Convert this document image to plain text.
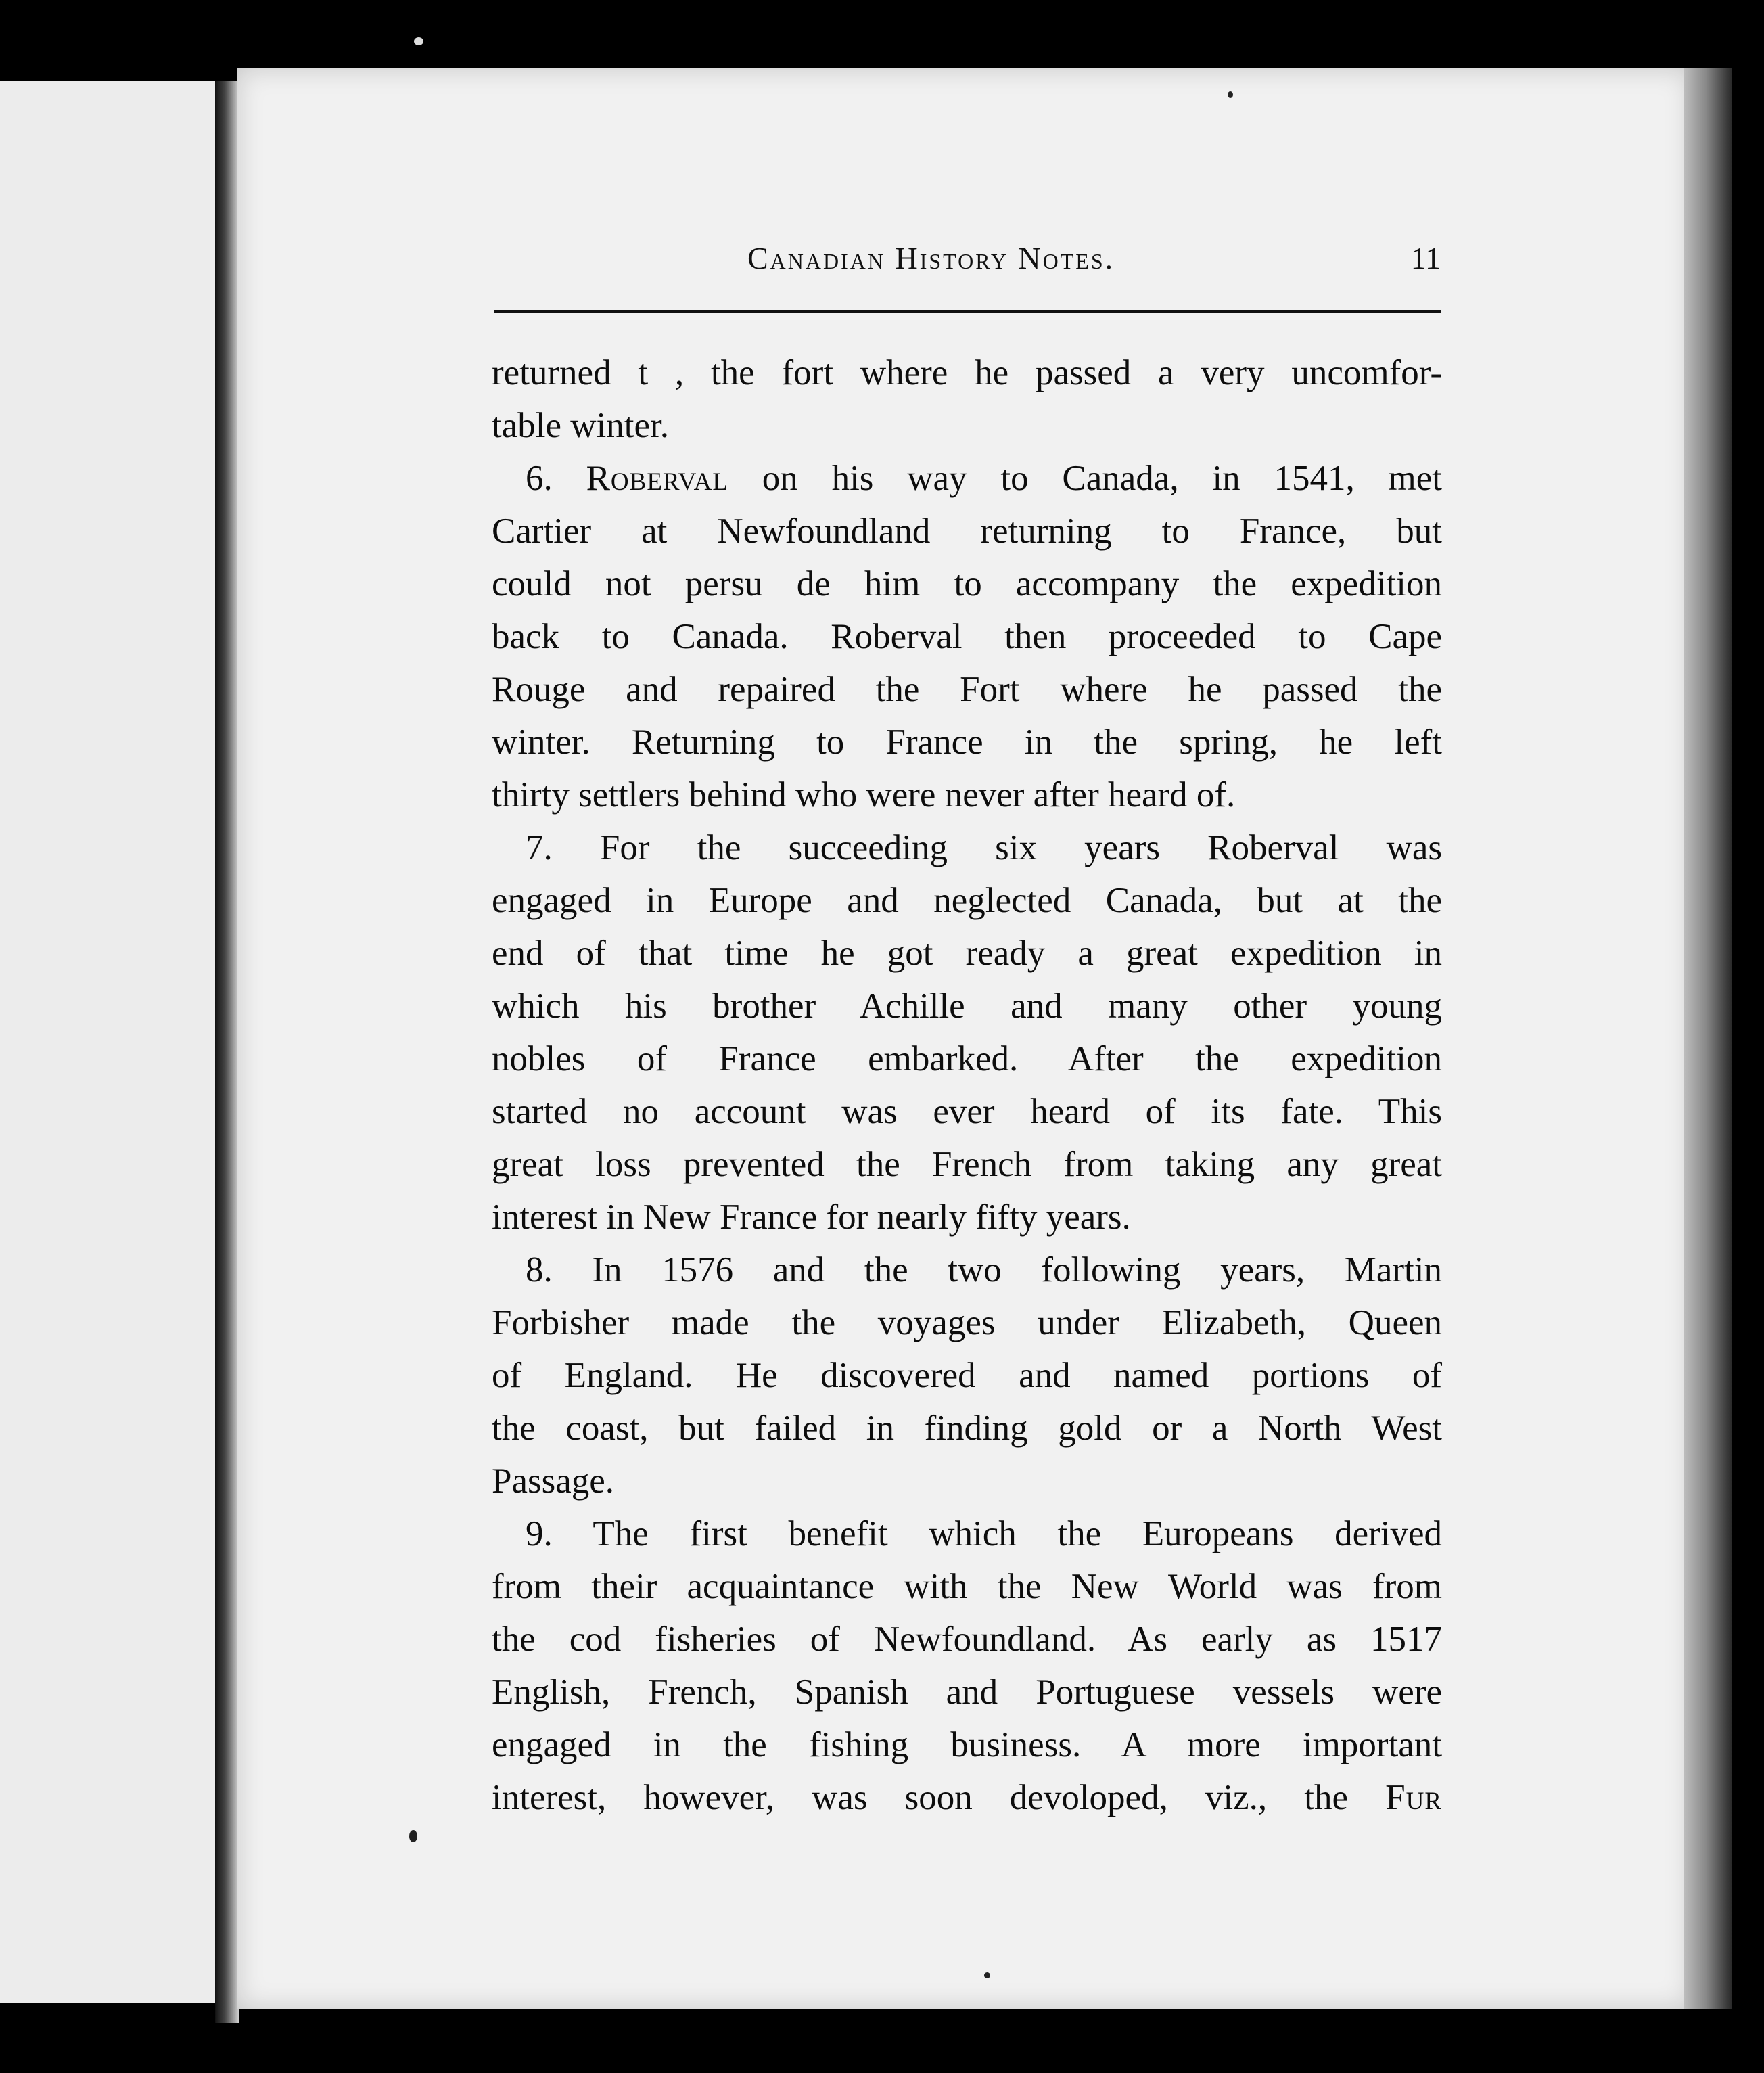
Canadian History Notes.	11
returned t , the fort where he passed a very uncomfor-
table winter.
6. Roberval on his way to Canada, in 1541, met
Cartier at Newfoundland returning to France, but
could not persu de him to accompany the expedition
back to Canada. Roberval then proceeded to Cape
Rouge and repaired the Fort where he passed the
winter. Returning to France in the spring, he left
thirty settlers behind who were never after heard of.
7. For the succeeding six years Roberval was
engaged in Europe and neglected Canada, but at the
end of that time he got ready a great expedition in
which his brother Achille and many other young
nobles of France embarked. After the expedition
started no account was ever heard of its fate. This
great loss prevented the French from taking any great
interest in New France for nearly fifty years.
8. In 1576 and the two following years, Martin
Forbisher made the voyages under Elizabeth, Queen
of England. He discovered and named portions of
the coast, but failed in finding gold or a North West
Passage.
9. The first benefit which the Europeans derived
from their acquaintance with the New World was from
the cod fisheries of Newfoundland. As early as 1517
English, French, Spanish and Portuguese vessels were
engaged in the fishing business. A more important
interest, however, was soon devoloped, viz., the Fur
